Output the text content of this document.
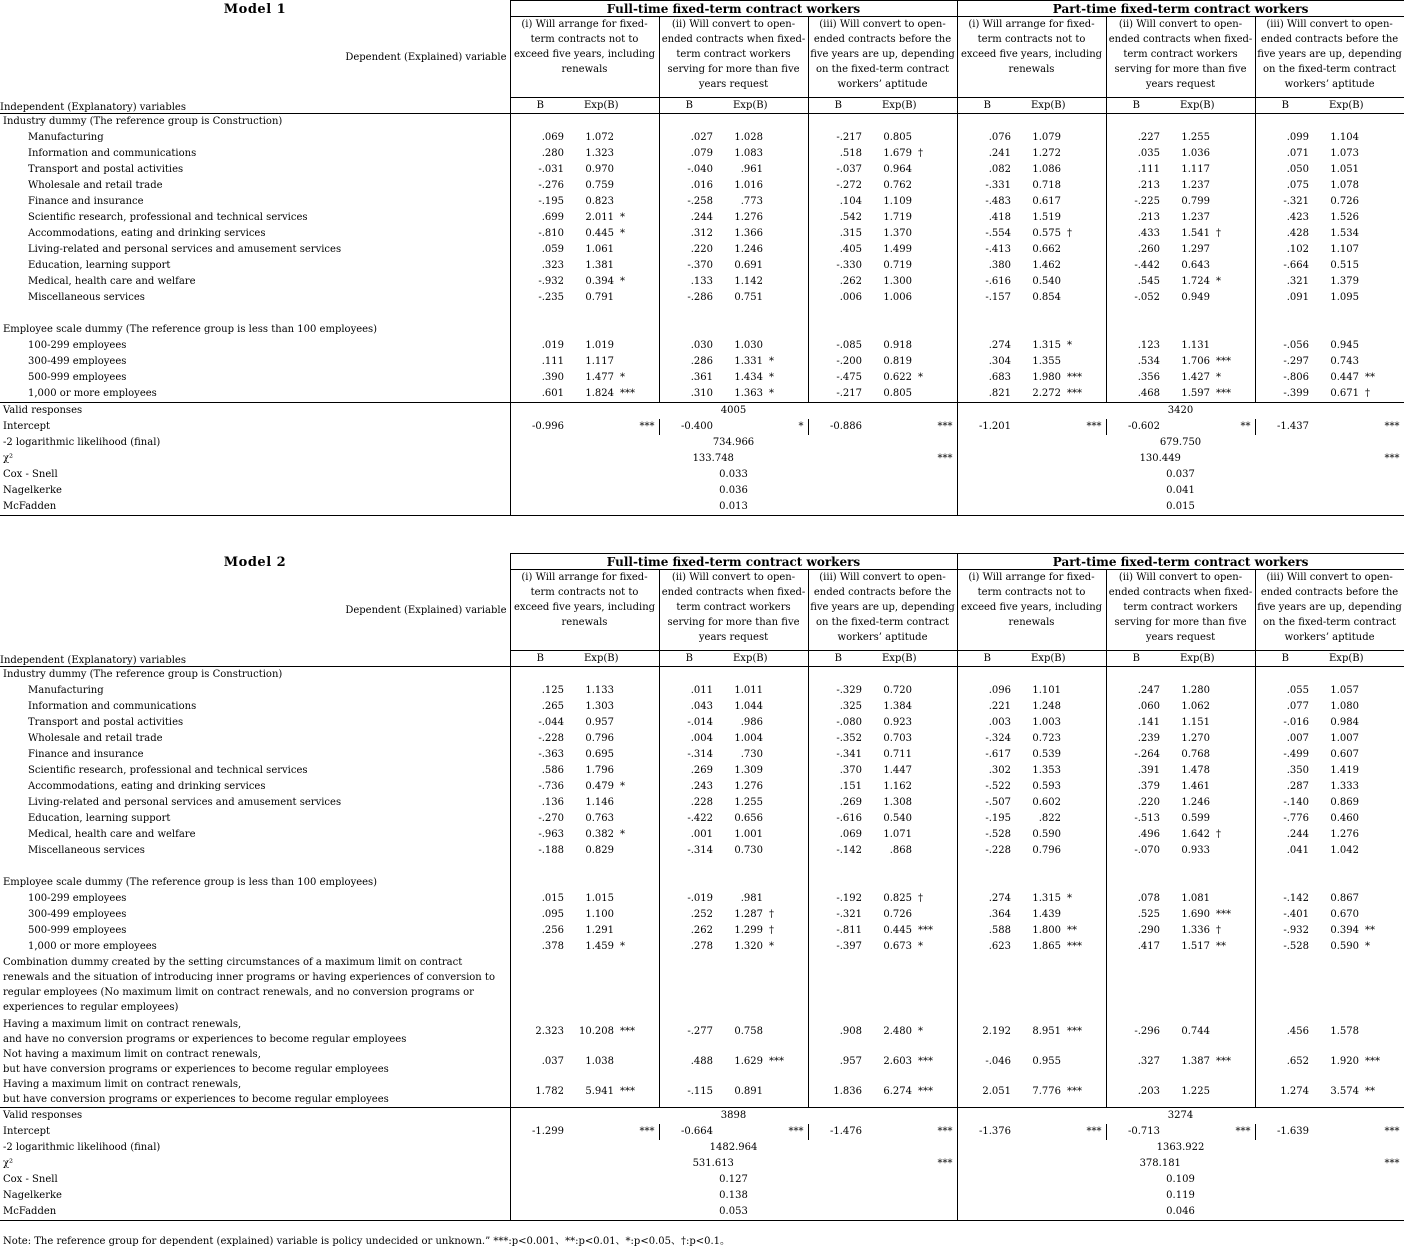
Model 1
		Full-time fixed-term contract workers						Part-time fixed-term contract workers					
Dependent (Explained) variable	(i) Will arrange for fixed-term contracts not to exceed five years, including renewals		(ii) Will convert to open-ended contracts when fixed-term contract workers serving for more than five years request		(iii) Will convert to open-ended contracts before the five years are up, depending on the fixed-term contract workers’ aptitude		(i) Will arrange for fixed-term contracts not to exceed five years, including renewals		(ii) Will convert to open-ended contracts when fixed-term contract workers serving for more than five years request		(iii) Will convert to open-ended contracts before the five years are up, depending on the fixed-term contract workers’ aptitude	
Independent (Explanatory) variables	B	Exp(B)	B	Exp(B)	B	Exp(B)	B	Exp(B)	B	Exp(B)	B	Exp(B)
Industry dummy (The reference group is Construction)																		
Manufacturing	.069	1.072		.027	1.028		-.217	0.805		.076	1.079		.227	1.255		.099	1.104	
Information and communications	.280	1.323		.079	1.083		.518	1.679	†	.241	1.272		.035	1.036		.071	1.073	
Transport and postal activities	-.031	0.970		-.040	.961		-.037	0.964		.082	1.086		.111	1.117		.050	1.051	
Wholesale and retail trade	-.276	0.759		.016	1.016		-.272	0.762		-.331	0.718		.213	1.237		.075	1.078	
Finance and insurance	-.195	0.823		-.258	.773		.104	1.109		-.483	0.617		-.225	0.799		-.321	0.726	
Scientific research, professional and technical services	.699	2.011	*	.244	1.276		.542	1.719		.418	1.519		.213	1.237		.423	1.526	
Accommodations, eating and drinking services	-.810	0.445	*	.312	1.366		.315	1.370		-.554	0.575	†	.433	1.541	†	.428	1.534	
Living-related and personal services and amusement services	.059	1.061		.220	1.246		.405	1.499		-.413	0.662		.260	1.297		.102	1.107	
Education, learning support	.323	1.381		-.370	0.691		-.330	0.719		.380	1.462		-.442	0.643		-.664	0.515	
Medical, health care and welfare	-.932	0.394	*	.133	1.142		.262	1.300		-.616	0.540		.545	1.724	*	.321	1.379	
Miscellaneous services	-.235	0.791		-.286	0.751		.006	1.006		-.157	0.854		-.052	0.949		.091	1.095	

Employee scale dummy (The reference group is less than 100 employees)																		
100-299 employees	.019	1.019		.030	1.030		-.085	0.918		.274	1.315	*	.123	1.131		-.056	0.945	
300-499 employees	.111	1.117		.286	1.331	*	-.200	0.819		.304	1.355		.534	1.706	***	-.297	0.743	
500-999 employees	.390	1.477	*	.361	1.434	*	-.475	0.622	*	.683	1.980	***	.356	1.427	*	-.806	0.447	**
1,000 or more employees	.601	1.824	***	.310	1.363	*	-.217	0.805		.821	2.272	***	.468	1.597	***	-.399	0.671	†
Valid responses	4005									3420								
Intercept	-0.996	***		-0.400	*		-0.886	***		-1.201	***		-0.602	**		-1.437	***	
-2 logarithmic likelihood (final)	734.966									679.750								
χ²	133.748								***	130.449								***
Cox - Snell	0.033									0.037								
Nagelkerke	0.036									0.041								
McFadden	0.013									0.015								
Model 2
		Full-time fixed-term contract workers						Part-time fixed-term contract workers					
Dependent (Explained) variable	(i) Will arrange for fixed-term contracts not to exceed five years, including renewals		(ii) Will convert to open-ended contracts when fixed-term contract workers serving for more than five years request		(iii) Will convert to open-ended contracts before the five years are up, depending on the fixed-term contract workers’ aptitude		(i) Will arrange for fixed-term contracts not to exceed five years, including renewals		(ii) Will convert to open-ended contracts when fixed-term contract workers serving for more than five years request		(iii) Will convert to open-ended contracts before the five years are up, depending on the fixed-term contract workers’ aptitude	
Independent (Explanatory) variables	B	Exp(B)	B	Exp(B)	B	Exp(B)	B	Exp(B)	B	Exp(B)	B	Exp(B)
Industry dummy (The reference group is Construction)																		
Manufacturing	.125	1.133		.011	1.011		-.329	0.720		.096	1.101		.247	1.280		.055	1.057	
Information and communications	.265	1.303		.043	1.044		.325	1.384		.221	1.248		.060	1.062		.077	1.080	
Transport and postal activities	-.044	0.957		-.014	.986		-.080	0.923		.003	1.003		.141	1.151		-.016	0.984	
Wholesale and retail trade	-.228	0.796		.004	1.004		-.352	0.703		-.324	0.723		.239	1.270		.007	1.007	
Finance and insurance	-.363	0.695		-.314	.730		-.341	0.711		-.617	0.539		-.264	0.768		-.499	0.607	
Scientific research, professional and technical services	.586	1.796		.269	1.309		.370	1.447		.302	1.353		.391	1.478		.350	1.419	
Accommodations, eating and drinking services	-.736	0.479	*	.243	1.276		.151	1.162		-.522	0.593		.379	1.461		.287	1.333	
Living-related and personal services and amusement services	.136	1.146		.228	1.255		.269	1.308		-.507	0.602		.220	1.246		-.140	0.869	
Education, learning support	-.270	0.763		-.422	0.656		-.616	0.540		-.195	.822		-.513	0.599		-.776	0.460	
Medical, health care and welfare	-.963	0.382	*	.001	1.001		.069	1.071		-.528	0.590		.496	1.642	†	.244	1.276	
Miscellaneous services	-.188	0.829		-.314	0.730		-.142	.868		-.228	0.796		-.070	0.933		.041	1.042	

Employee scale dummy (The reference group is less than 100 employees)																		
100-299 employees	.015	1.015		-.019	.981		-.192	0.825	†	.274	1.315	*	.078	1.081		-.142	0.867	
300-499 employees	.095	1.100		.252	1.287	†	-.321	0.726		.364	1.439		.525	1.690	***	-.401	0.670	
500-999 employees	.256	1.291		.262	1.299	†	-.811	0.445	***	.588	1.800	**	.290	1.336	†	-.932	0.394	**
1,000 or more employees	.378	1.459	*	.278	1.320	*	-.397	0.673	*	.623	1.865	***	.417	1.517	**	-.528	0.590	*
Combination dummy created by the setting circumstances of a maximum limit on contract renewals and the situation of introducing inner programs or having experiences of conversion to regular employees (No maximum limit on contract renewals, and no conversion programs or experiences to regular employees)																		

Having a maximum limit on contract renewals,
and have no conversion programs or experiences to become regular employees	2.323	10.208	***	-.277	0.758		.908	2.480	*	2.192	8.951	***	-.296	0.744		.456	1.578	

Not having a maximum limit on contract renewals,
but have conversion programs or experiences to become regular employees	.037	1.038		.488	1.629	***	.957	2.603	***	-.046	0.955		.327	1.387	***	.652	1.920	***

Having a maximum limit on contract renewals,
but have conversion programs or experiences to become regular employees	1.782	5.941	***	-.115	0.891		1.836	6.274	***	2.051	7.776	***	.203	1.225		1.274	3.574	**
Valid responses	3898									3274								
Intercept	-1.299	***		-0.664	***		-1.476	***		-1.376	***		-0.713	***		-1.639	***	
-2 logarithmic likelihood (final)	1482.964									1363.922								
χ²	531.613								***	378.181								***
Cox - Snell	0.127									0.109								
Nagelkerke	0.138									0.119								
McFadden	0.053									0.046								
Note: The reference group for dependent (explained) variable is policy undecided or unknown.” ***:p<0.001、**:p<0.01、*:p<0.05、†:p<0.1。
